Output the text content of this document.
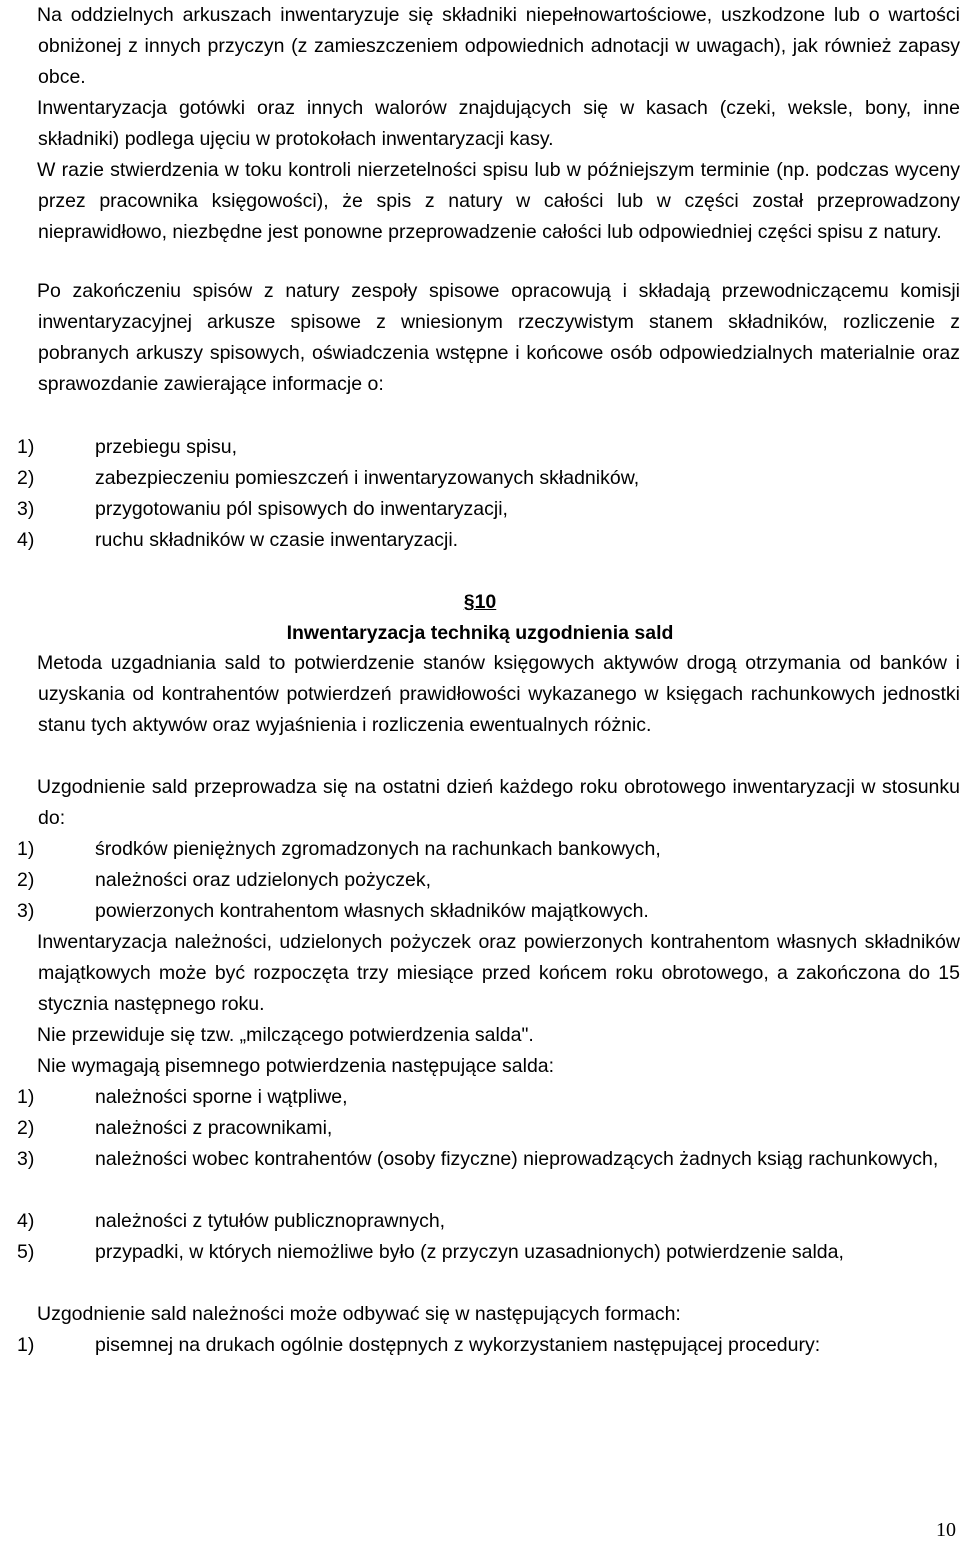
Na oddzielnych arkuszach inwentaryzuje się składniki niepełnowartościowe, uszkodzone lub o wartości obniżonej z innych przyczyn (z zamieszczeniem odpowiednich adnotacji w uwagach), jak również zapasy obce.
Inwentaryzacja gotówki oraz innych walorów znajdujących się w kasach (czeki, weksle, bony, inne składniki) podlega ujęciu w protokołach inwentaryzacji kasy.
W razie stwierdzenia w toku kontroli nierzetelności spisu lub w późniejszym terminie (np. podczas wyceny przez pracownika księgowości), że spis z natury w całości lub w części został przeprowadzony nieprawidłowo, niezbędne jest ponowne przeprowadzenie całości lub odpowiedniej części spisu z natury.
Po zakończeniu spisów z natury zespoły spisowe opracowują i składają przewodniczącemu komisji inwentaryzacyjnej arkusze spisowe z wniesionym rzeczywistym stanem składników, rozliczenie z pobranych arkuszy spisowych, oświadczenia wstępne i końcowe osób odpowiedzialnych materialnie oraz sprawozdanie zawierające informacje o:
1)	przebiegu spisu,
2)	zabezpieczeniu pomieszczeń i inwentaryzowanych składników,
3)	przygotowaniu pól spisowych do inwentaryzacji,
4)	ruchu składników w czasie inwentaryzacji.
§10
Inwentaryzacja techniką uzgodnienia sald
Metoda uzgadniania sald to potwierdzenie stanów księgowych aktywów drogą otrzymania od banków i uzyskania od kontrahentów potwierdzeń prawidłowości wykazanego w księgach rachunkowych jednostki stanu tych aktywów oraz wyjaśnienia i rozliczenia ewentualnych różnic.
Uzgodnienie sald przeprowadza się na ostatni dzień każdego roku obrotowego inwentaryzacji w stosunku do:
1)	środków pieniężnych zgromadzonych na rachunkach bankowych,
2)	należności oraz udzielonych pożyczek,
3)	powierzonych kontrahentom własnych składników majątkowych.
Inwentaryzacja należności, udzielonych pożyczek oraz powierzonych kontrahentom własnych składników majątkowych może być rozpoczęta trzy miesiące przed końcem roku obrotowego, a zakończona do 15 stycznia następnego roku.
Nie przewiduje się tzw. „milczącego potwierdzenia salda".
Nie wymagają pisemnego potwierdzenia następujące salda:
1)	należności sporne i wątpliwe,
2)	należności z pracownikami,
3)	należności wobec kontrahentów (osoby fizyczne) nieprowadzących żadnych ksiąg rachunkowych,
4)	należności z tytułów publicznoprawnych,
5)	przypadki, w których niemożliwe było (z przyczyn uzasadnionych) potwierdzenie salda,
Uzgodnienie sald należności może odbywać się w następujących formach:
1)	pisemnej na drukach ogólnie dostępnych z wykorzystaniem następującej procedury:
10
